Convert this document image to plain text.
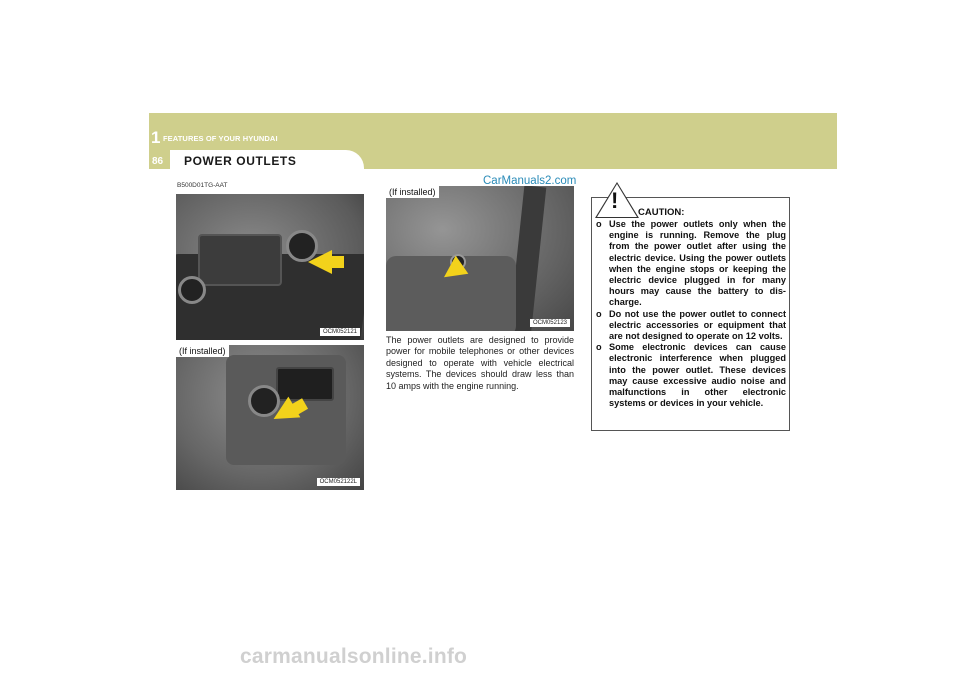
1 FEATURES OF YOUR HYUNDAI
86 POWER OUTLETS
B500D01TG-AAT
OCM052121
(If installed)
OCM052122L
(If installed)
OCM052123
CarManuals2.com
The power outlets are designed to provide power for mobile telephones or other devices designed to operate with vehicle electrical systems. The devices should draw less than 10 amps with the engine running.
! CAUTION:
o Use the power outlets only when the engine is running. Remove the plug from the power outlet after using the electric device. Using the power outlets when the engine stops or keeping the electric device plugged in for many hours may cause the battery to dis-charge.
o Do not use the power outlet to connect electric accessories or equipment that are not designed to operate on 12 volts.
o Some electronic devices can cause electronic interference when plugged into the power outlet. These devices may cause excessive audio noise and malfunctions in other electronic systems or devices in your vehicle.
carmanualsonline.info
